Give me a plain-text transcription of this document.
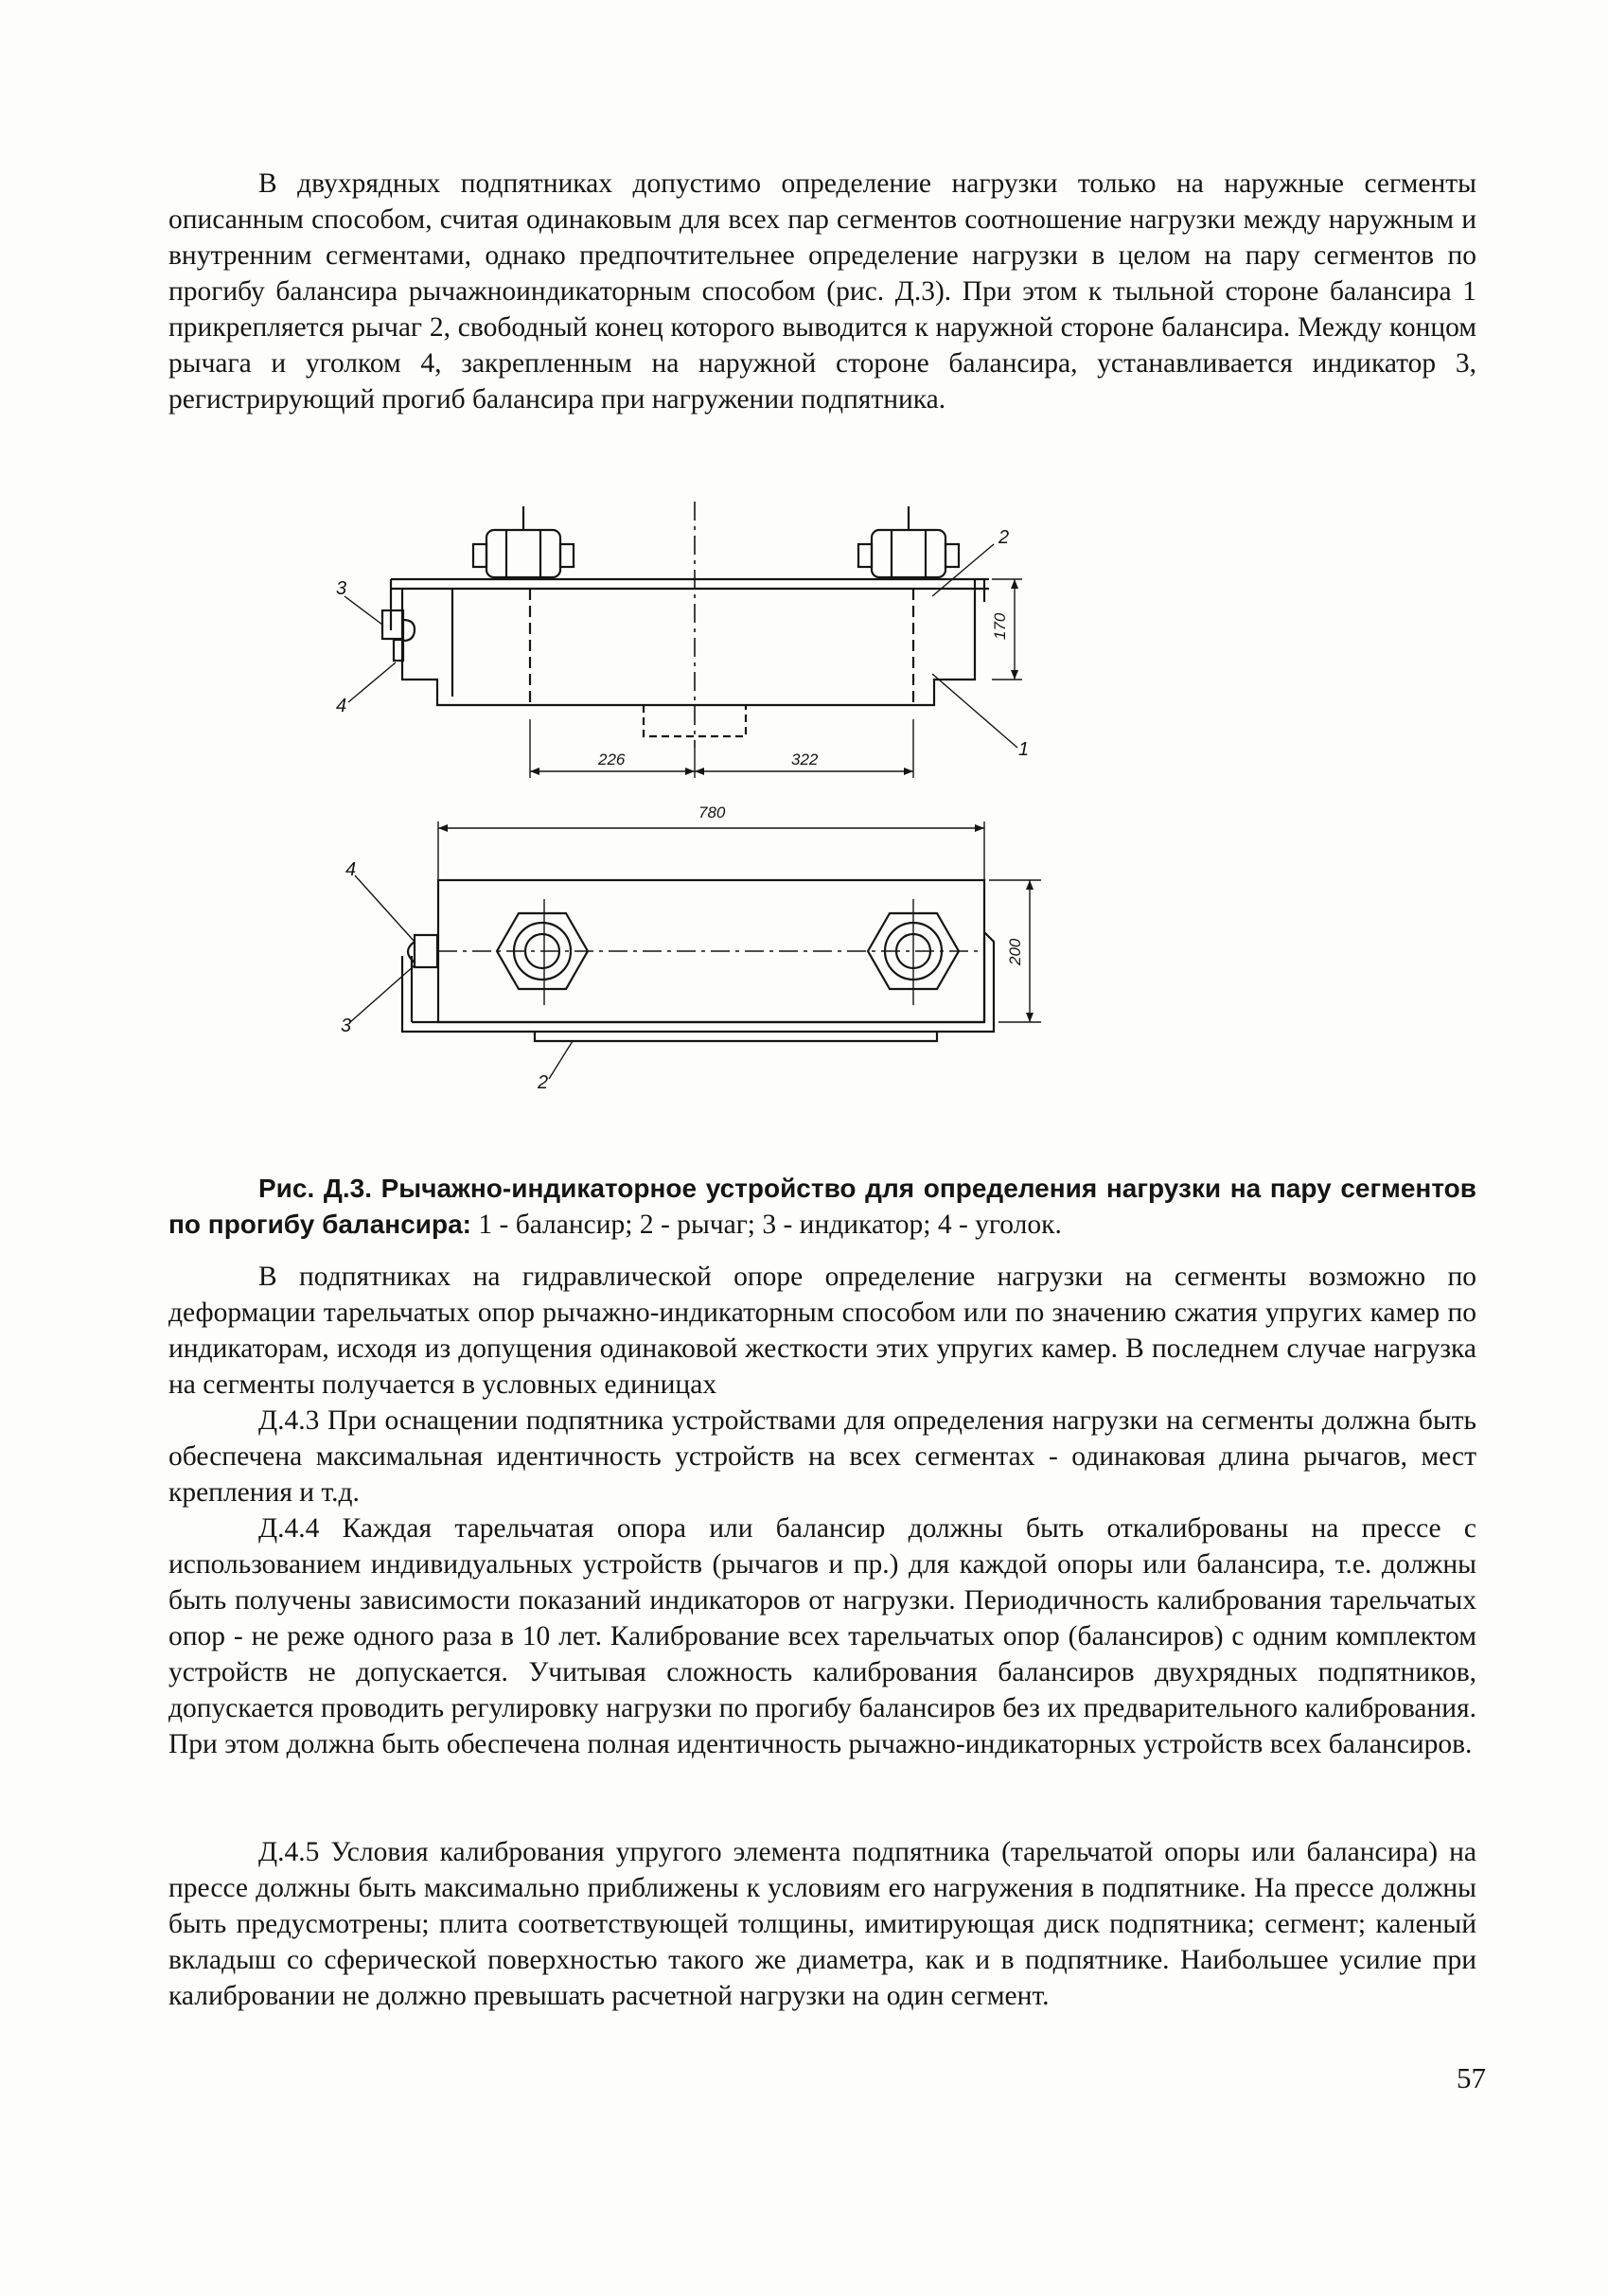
В двухрядных подпятниках допустимо определение нагрузки только на наружные сегменты описанным способом, считая одинаковым для всех пар сегментов соотношение нагрузки между наружным и внутренним сегментами, однако предпочтительнее определение нагрузки в целом на пару сегментов по прогибу балансира рычажноиндикаторным способом (рис. Д.3). При этом к тыльной стороне балансира 1 прикрепляется рычаг 2, свободный конец которого выводится к наружной стороне балансира. Между концом рычага и уголком 4, закрепленным на наружной стороне балансира, устанавливается индикатор 3, регистрирующий прогиб балансира при нагружении подпятника.

226	322
780
170
200
1
2
3
4
4
3
2

Рис. Д.3. Рычажно-индикаторное устройство для определения нагрузки на пару сегментов по прогибу балансира: 1 - балансир; 2 - рычаг; 3 - индикатор; 4 - уголок.

В подпятниках на гидравлической опоре определение нагрузки на сегменты возможно по деформации тарельчатых опор рычажно-индикаторным способом или по значению сжатия упругих камер по индикаторам, исходя из допущения одинаковой жесткости этих упругих камер. В последнем случае нагрузка на сегменты получается в условных единицах

Д.4.3 При оснащении подпятника устройствами для определения нагрузки на сегменты должна быть обеспечена максимальная идентичность устройств на всех сегментах - одинаковая длина рычагов, мест крепления и т.д.

Д.4.4 Каждая тарельчатая опора или балансир должны быть откалиброваны на прессе с использованием индивидуальных устройств (рычагов и пр.) для каждой опоры или балансира, т.е. должны быть получены зависимости показаний индикаторов от нагрузки. Периодичность калибрования тарельчатых опор - не реже одного раза в 10 лет. Калибрование всех тарельчатых опор (балансиров) с одним комплектом устройств не допускается. Учитывая сложность калибрования балансиров двухрядных подпятников, допускается проводить регулировку нагрузки по прогибу балансиров без их предварительного калибрования. При этом должна быть обеспечена полная идентичность рычажно-индикаторных устройств всех балансиров.

Д.4.5 Условия калибрования упругого элемента подпятника (тарельчатой опоры или балансира) на прессе должны быть максимально приближены к условиям его нагружения в подпятнике. На прессе должны быть предусмотрены; плита соответствующей толщины, имитирующая диск подпятника; сегмент; каленый вкладыш со сферической поверхностью такого же диаметра, как и в подпятнике. Наибольшее усилие при калибровании не должно превышать расчетной нагрузки на один сегмент.

57
